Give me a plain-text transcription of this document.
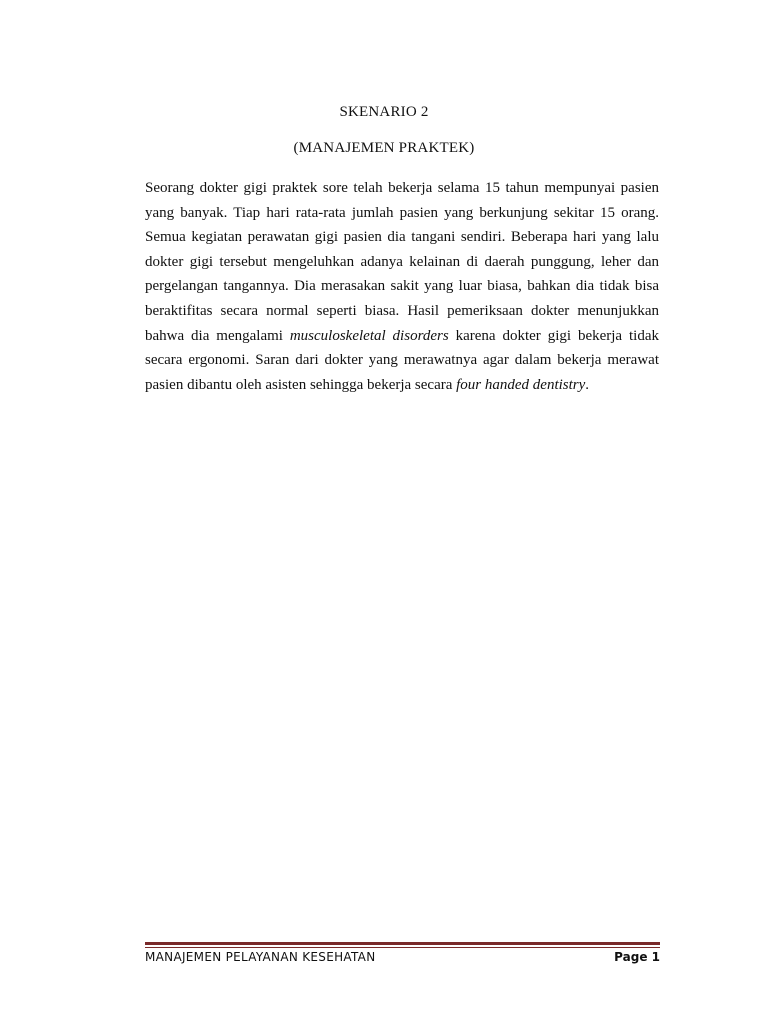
SKENARIO 2
(MANAJEMEN PRAKTEK)

Seorang dokter gigi praktek sore telah bekerja selama 15 tahun mempunyai pasien yang banyak. Tiap hari rata-rata jumlah pasien yang berkunjung sekitar 15 orang. Semua kegiatan perawatan gigi pasien dia tangani sendiri. Beberapa hari yang lalu dokter gigi tersebut mengeluhkan adanya kelainan di daerah punggung, leher dan pergelangan tangannya. Dia merasakan sakit yang luar biasa, bahkan dia tidak bisa beraktifitas secara normal seperti biasa. Hasil pemeriksaan dokter menunjukkan bahwa dia mengalami musculoskeletal disorders karena dokter gigi bekerja tidak secara ergonomi. Saran dari dokter yang merawatnya agar dalam bekerja merawat pasien dibantu oleh asisten sehingga bekerja secara four handed dentistry.

MANAJEMEN PELAYANAN KESEHATAN	Page 1
